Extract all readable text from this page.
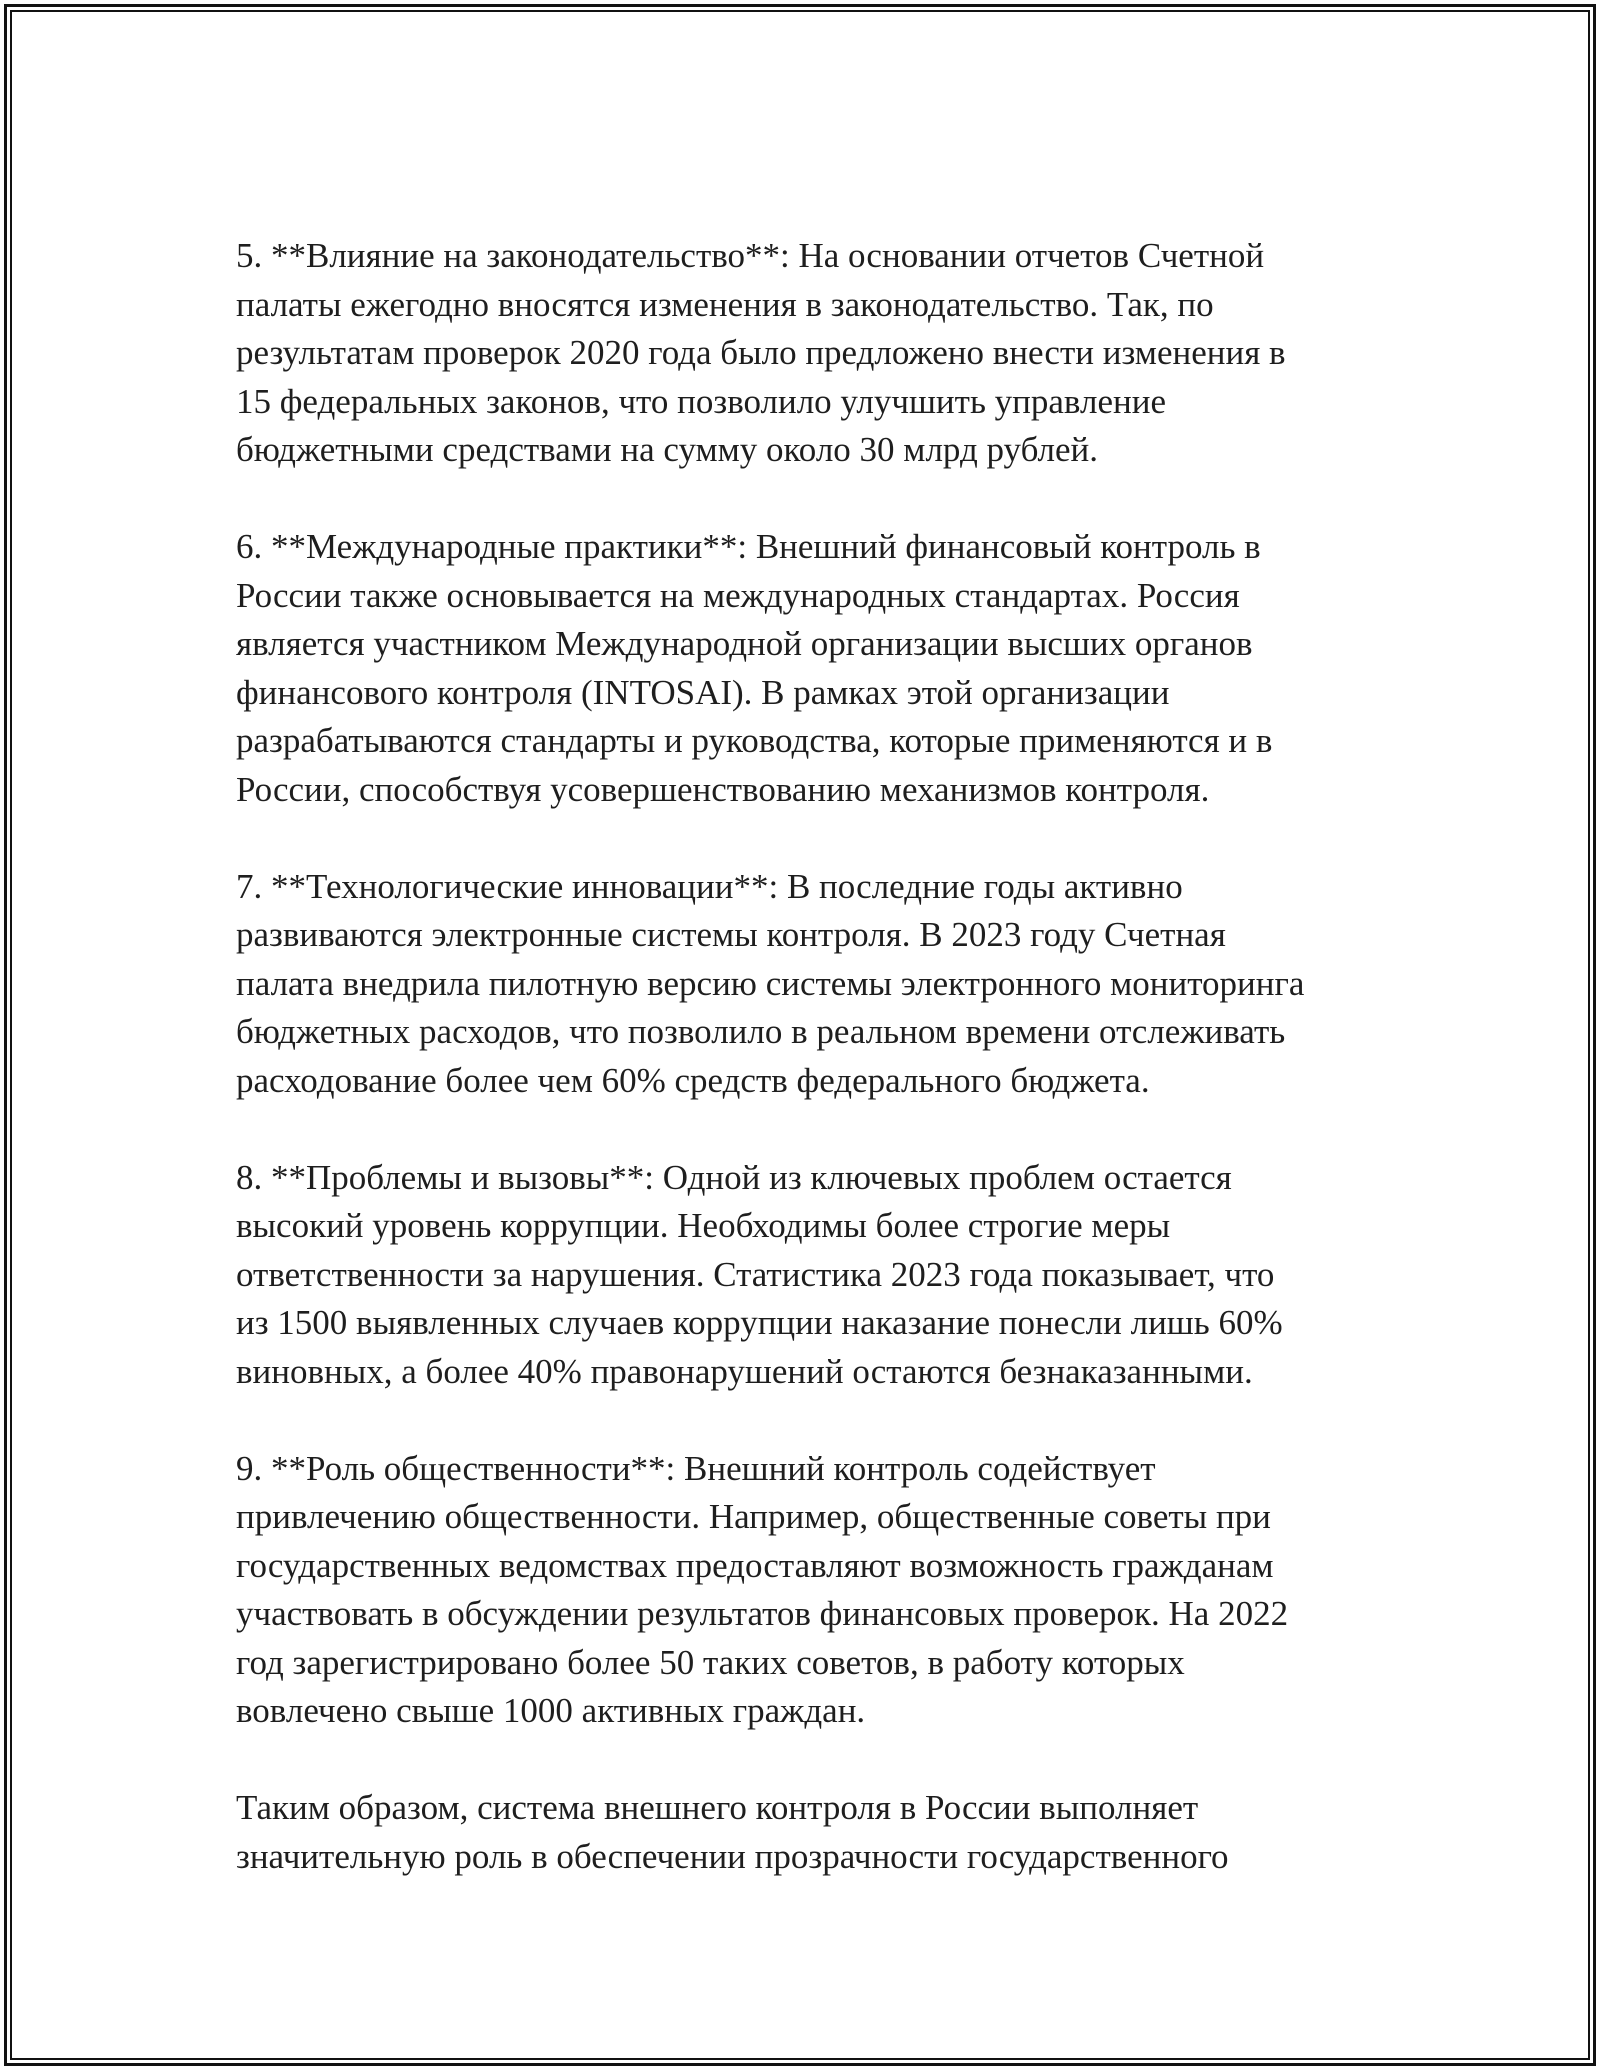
5. **Влияние на законодательство**: На основании отчетов Счетной
палаты ежегодно вносятся изменения в законодательство. Так, по
результатам проверок 2020 года было предложено внести изменения в
15 федеральных законов, что позволило улучшить управление
бюджетными средствами на сумму около 30 млрд рублей.

6. **Международные практики**: Внешний финансовый контроль в
России также основывается на международных стандартах. Россия
является участником Международной организации высших органов
финансового контроля (INTOSAI). В рамках этой организации
разрабатываются стандарты и руководства, которые применяются и в
России, способствуя усовершенствованию механизмов контроля.

7. **Технологические инновации**: В последние годы активно
развиваются электронные системы контроля. В 2023 году Счетная
палата внедрила пилотную версию системы электронного мониторинга
бюджетных расходов, что позволило в реальном времени отслеживать
расходование более чем 60% средств федерального бюджета.

8. **Проблемы и вызовы**: Одной из ключевых проблем остается
высокий уровень коррупции. Необходимы более строгие меры
ответственности за нарушения. Статистика 2023 года показывает, что
из 1500 выявленных случаев коррупции наказание понесли лишь 60%
виновных, а более 40% правонарушений остаются безнаказанными.

9. **Роль общественности**: Внешний контроль содействует
привлечению общественности. Например, общественные советы при
государственных ведомствах предоставляют возможность гражданам
участвовать в обсуждении результатов финансовых проверок. На 2022
год зарегистрировано более 50 таких советов, в работу которых
вовлечено свыше 1000 активных граждан.

Таким образом, система внешнего контроля в России выполняет
значительную роль в обеспечении прозрачности государственного
